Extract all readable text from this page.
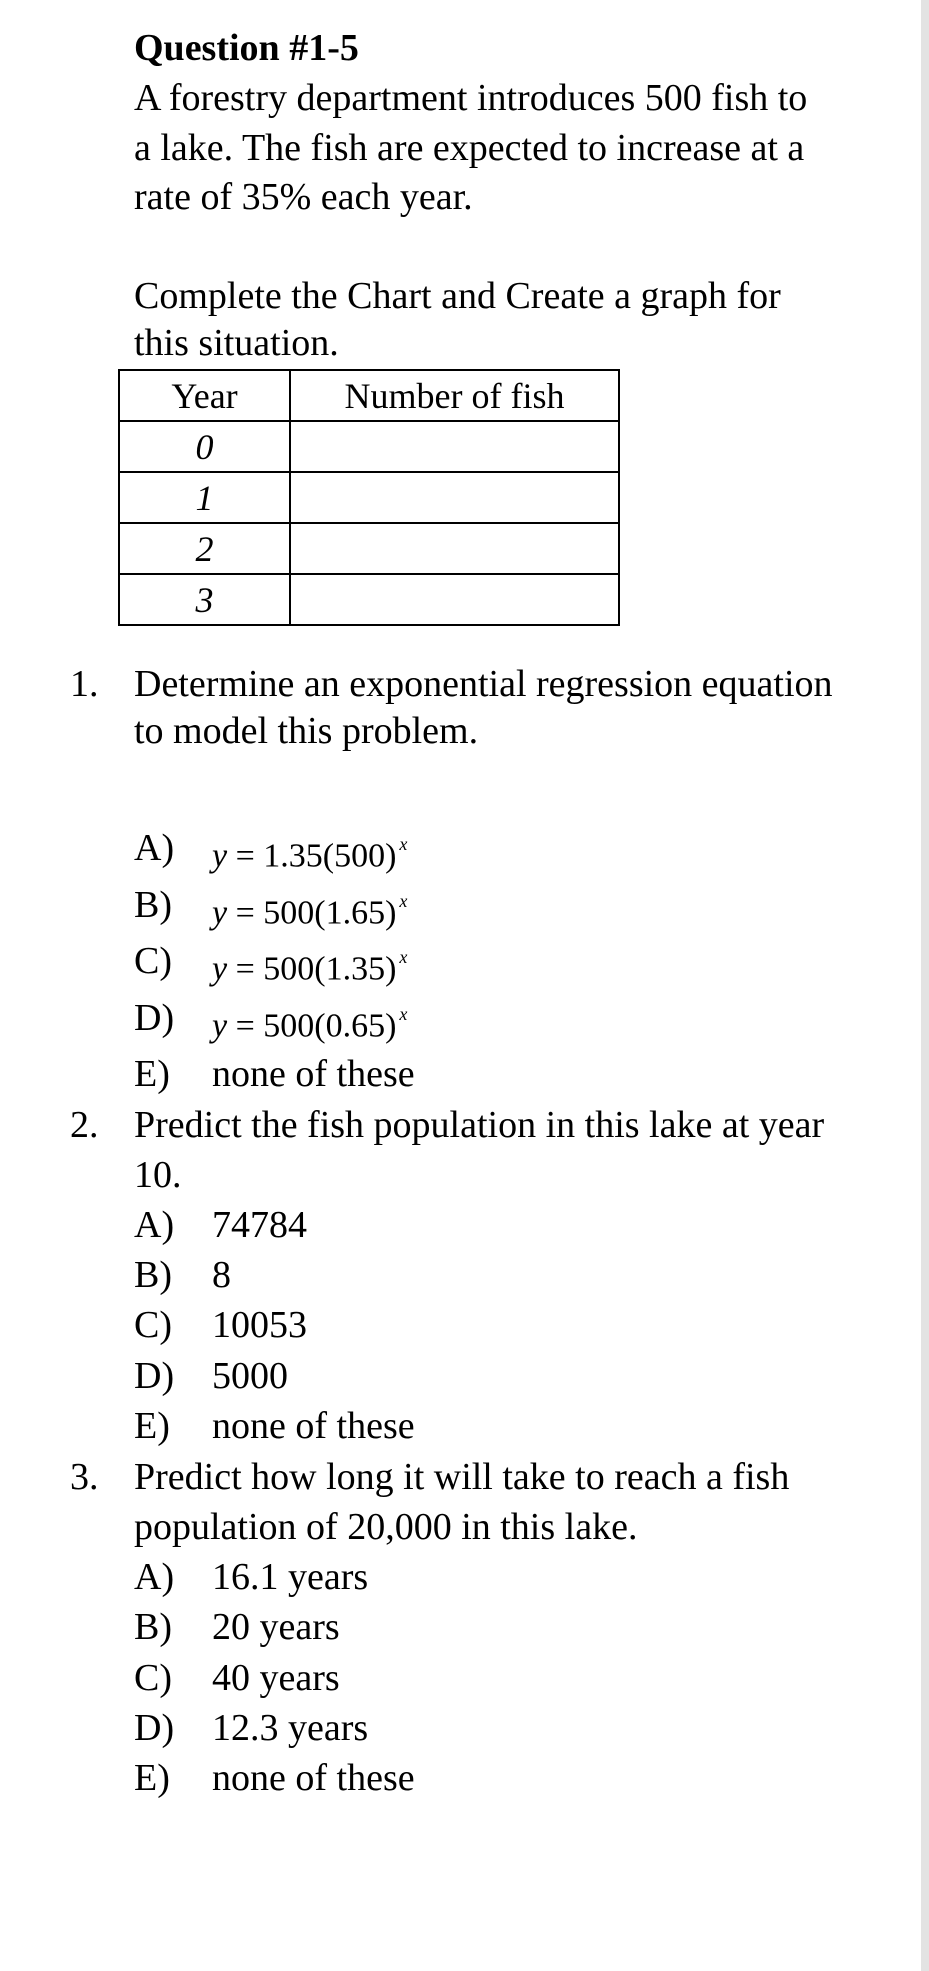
Question #1-5
A forestry department introduces 500 fish to
a lake. The fish are expected to increase at a
rate of 35% each year.
Complete the Chart and Create a graph for
this situation.
Year	Number of fish
0	
1	
2	
3	
1. Determine an exponential regression equation
to model this problem.
A) y = 1.35(500) $^x$
B) y = 500(1.65) $^x$
C) y = 500(1.35) $^x$
D) y = 500(0.65) $^x$
E) none of these
2. Predict the fish population in this lake at year
10.
A) 74784
B) 8
C) 10053
D) 5000
E) none of these
3. Predict how long it will take to reach a fish
population of 20,000 in this lake.
A) 16.1 years
B) 20 years
C) 40 years
D) 12.3 years
E) none of these
